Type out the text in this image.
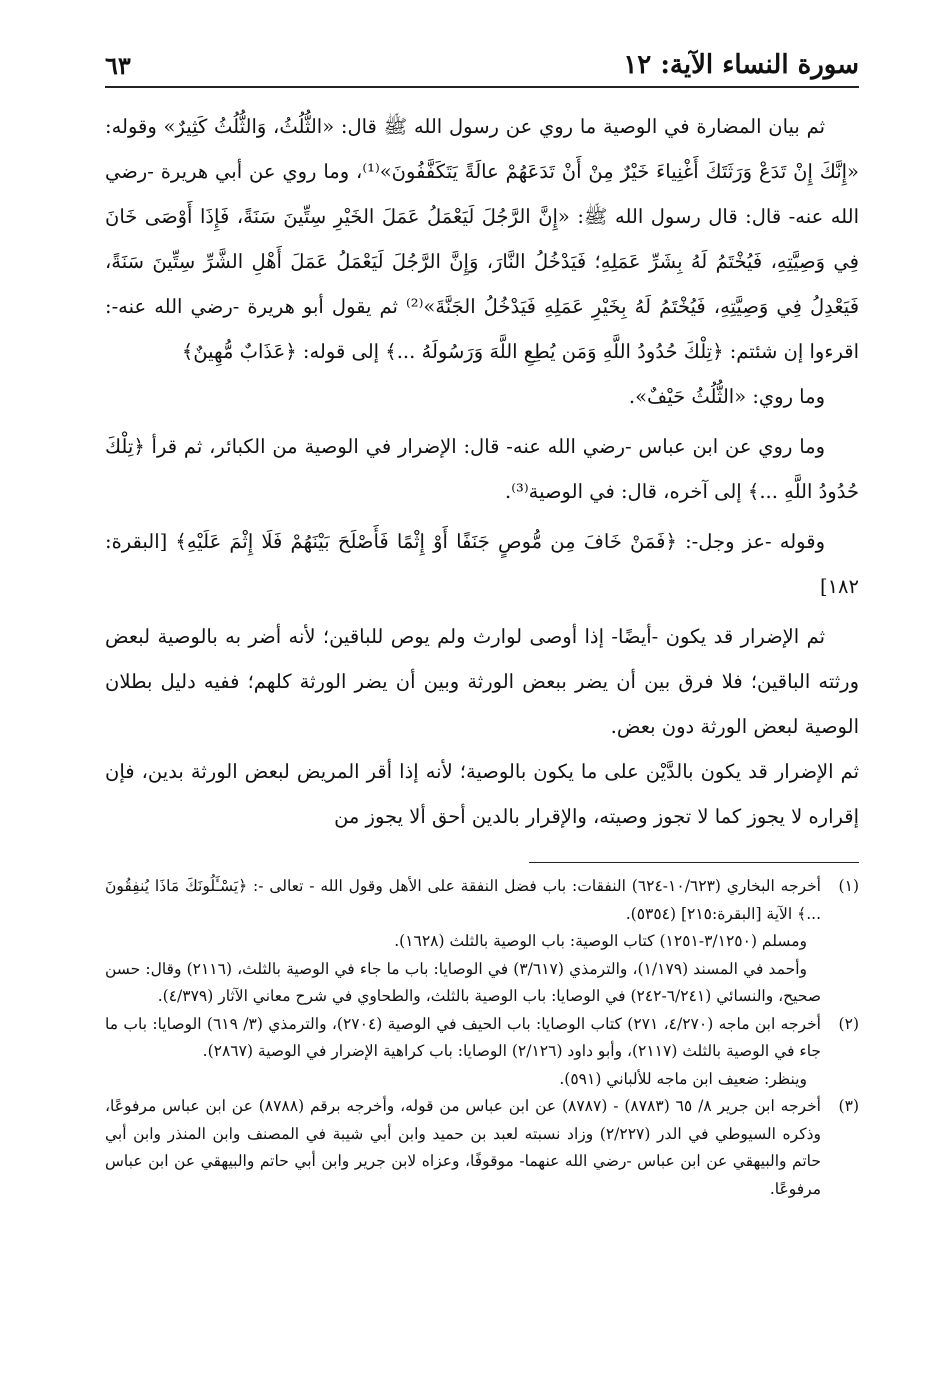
سورة النساء الآية: ١٢
٦٣

ثم بيان المضارة في الوصية ما روي عن رسول الله ﷺ قال: «الثُّلُثُ، وَالثُّلُثُ كَثِيرٌ» وقوله: «إِنَّكَ إِنْ تَدَعْ وَرَثَتَكَ أَغْنِياءَ خَيْرٌ مِنْ أَنْ تَدَعَهُمْ عالَةً يَتَكَفَّفُونَ»⁽¹⁾، وما روي عن أبي هريرة -رضي الله عنه- قال: قال رسول الله ﷺ: «إِنَّ الرَّجُلَ لَيَعْمَلُ عَمَلَ الخَيْرِ سِتِّينَ سَنَةً، فَإِذَا أَوْصَى خَانَ فِي وَصِيَّتِهِ، فَيُخْتَمُ لَهُ بِشَرِّ عَمَلِهِ؛ فَيَدْخُلُ النَّارَ، وَإِنَّ الرَّجُلَ لَيَعْمَلُ عَمَلَ أَهْلِ الشَّرِّ سِتِّينَ سَنَةً، فَيَعْدِلُ فِي وَصِيَّتِهِ، فَيُخْتَمُ لَهُ بِخَيْرِ عَمَلِهِ فَيَدْخُلُ الجَنَّةَ»⁽²⁾ ثم يقول أبو هريرة -رضي الله عنه-: اقرءوا إن شئتم: ﴿تِلْكَ حُدُودُ اللَّهِ وَمَن يُطِعِ اللَّهَ وَرَسُولَهُ ...﴾ إلى قوله: ﴿عَذَابٌ مُّهِينٌ﴾

وما روي: «الثُّلُثُ حَيْفٌ».

وما روي عن ابن عباس -رضي الله عنه- قال: الإضرار في الوصية من الكبائر، ثم قرأ ﴿تِلْكَ حُدُودُ اللَّهِ ...﴾ إلى آخره، قال: في الوصية⁽³⁾.

وقوله -عز وجل-: ﴿فَمَنْ خَافَ مِن مُّوصٍ جَنَفًا أَوْ إِثْمًا فَأَصْلَحَ بَيْنَهُمْ فَلَا إِثْمَ عَلَيْهِ﴾ [البقرة: ١٨٢]

ثم الإضرار قد يكون -أيضًا- إذا أوصى لوارث ولم يوص للباقين؛ لأنه أضر به بالوصية لبعض ورثته الباقين؛ فلا فرق بين أن يضر ببعض الورثة وبين أن يضر الورثة كلهم؛ ففيه دليل بطلان الوصية لبعض الورثة دون بعض.

ثم الإضرار قد يكون بالدَّيْن على ما يكون بالوصية؛ لأنه إذا أقر المريض لبعض الورثة بدين، فإن إقراره لا يجوز كما لا تجوز وصيته، والإقرار بالدين أحق ألا يجوز من

(١)

أخرجه البخاري (١٠/٦٢٣-٦٢٤) النفقات: باب فضل النفقة على الأهل وقول الله - تعالى -: ﴿يَسْـَٔلُونَكَ مَاذَا يُنفِقُونَ ...﴾ الآية [البقرة:٢١٥] (٥٣٥٤).

ومسلم (٣/١٢٥٠-١٢٥١) كتاب الوصية: باب الوصية بالثلث (١٦٢٨).

وأحمد في المسند (١/١٧٩)، والترمذي (٣/٦١٧) في الوصايا: باب ما جاء في الوصية بالثلث، (٢١١٦) وقال: حسن صحيح، والنسائي (٦/٢٤١-٢٤٢) في الوصايا: باب الوصية بالثلث، والطحاوي في شرح معاني الآثار (٤/٣٧٩).

(٢)

أخرجه ابن ماجه (٤/٢٧٠، ٢٧١) كتاب الوصايا: باب الحيف في الوصية (٢٧٠٤)، والترمذي (٣/ ٦١٩) الوصايا: باب ما جاء في الوصية بالثلث (٢١١٧)، وأبو داود (٢/١٢٦) الوصايا: باب كراهية الإضرار في الوصية (٢٨٦٧).

وينظر: ضعيف ابن ماجه للألباني (٥٩١).

(٣)

أخرجه ابن جرير ٨/ ٦٥ (٨٧٨٣) - (٨٧٨٧) عن ابن عباس من قوله، وأخرجه برقم (٨٧٨٨) عن ابن عباس مرفوعًا، وذكره السيوطي في الدر (٢/٢٢٧) وزاد نسبته لعبد بن حميد وابن أبي شيبة في المصنف وابن المنذر وابن أبي حاتم والبيهقي عن ابن عباس -رضي الله عنهما- موقوفًا، وعزاه لابن جرير وابن أبي حاتم والبيهقي عن ابن عباس مرفوعًا.
